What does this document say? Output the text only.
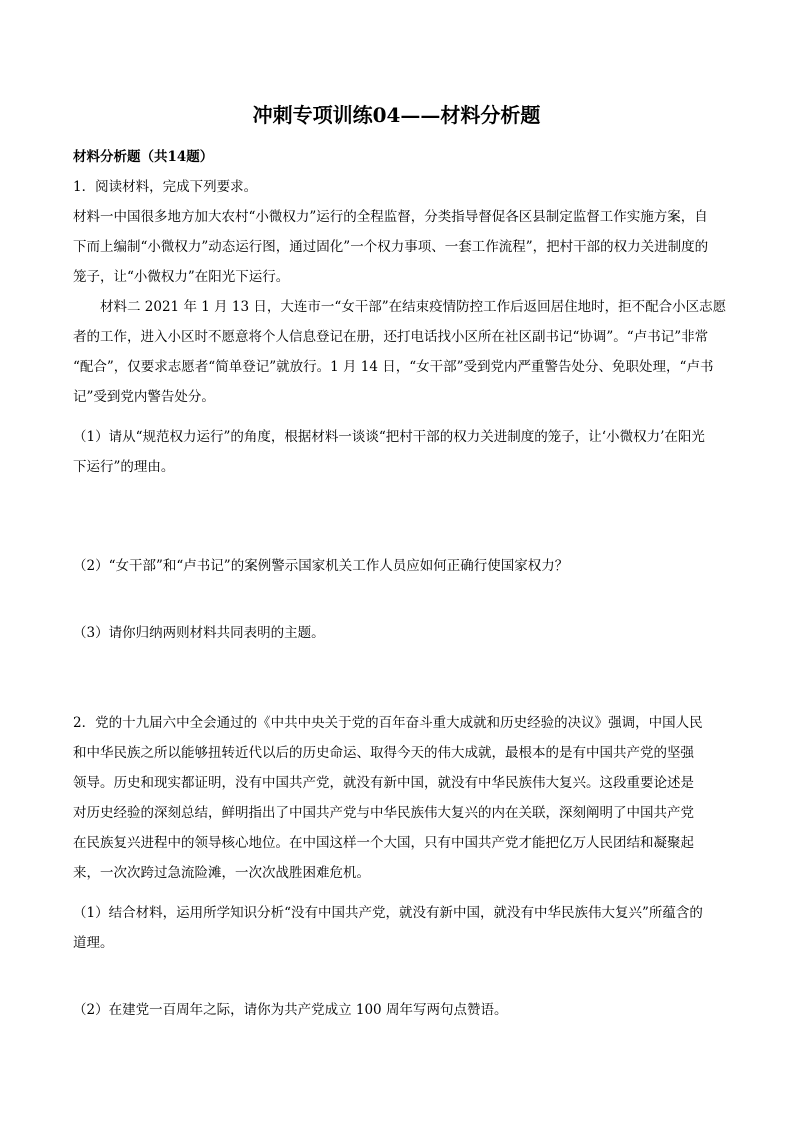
冲刺专项训练04——材料分析题

材料分析题（共14题）

1．阅读材料，完成下列要求。

材料一中国很多地方加大农村“小微权力”运行的全程监督，分类指导督促各区县制定监督工作实施方案，自

下而上编制“小微权力”动态运行图，通过固化”一个权力事项、一套工作流程”，把村干部的权力关进制度的

笼子，让“小微权力”在阳光下运行。

材料二 2021 年 1 月 13 日，大连市一“女干部”在结束疫情防控工作后返回居住地时，拒不配合小区志愿

者的工作，进入小区时不愿意将个人信息登记在册，还打电话找小区所在社区副书记“协调”。“卢书记”非常

“配合”，仅要求志愿者“简单登记”就放行。1 月 14 日，“女干部”受到党内严重警告处分、免职处理，“卢书

记”受到党内警告处分。

（1）请从“规范权力运行”的角度，根据材料一谈谈“把村干部的权力关进制度的笼子，让‘小微权力’在阳光

下运行”的理由。

（2）“女干部”和“卢书记”的案例警示国家机关工作人员应如何正确行使国家权力？

（3）请你归纳两则材料共同表明的主题。

2．党的十九届六中全会通过的《中共中央关于党的百年奋斗重大成就和历史经验的决议》强调，中国人民

和中华民族之所以能够扭转近代以后的历史命运、取得今天的伟大成就，最根本的是有中国共产党的坚强

领导。历史和现实都证明，没有中国共产党，就没有新中国，就没有中华民族伟大复兴。这段重要论述是

对历史经验的深刻总结，鲜明指出了中国共产党与中华民族伟大复兴的内在关联，深刻阐明了中国共产党

在民族复兴进程中的领导核心地位。在中国这样一个大国，只有中国共产党才能把亿万人民团结和凝聚起

来，一次次跨过急流险滩，一次次战胜困难危机。

（1）结合材料，运用所学知识分析“没有中国共产党，就没有新中国，就没有中华民族伟大复兴”所蕴含的

道理。

（2）在建党一百周年之际，请你为共产党成立 100 周年写两句点赞语。
